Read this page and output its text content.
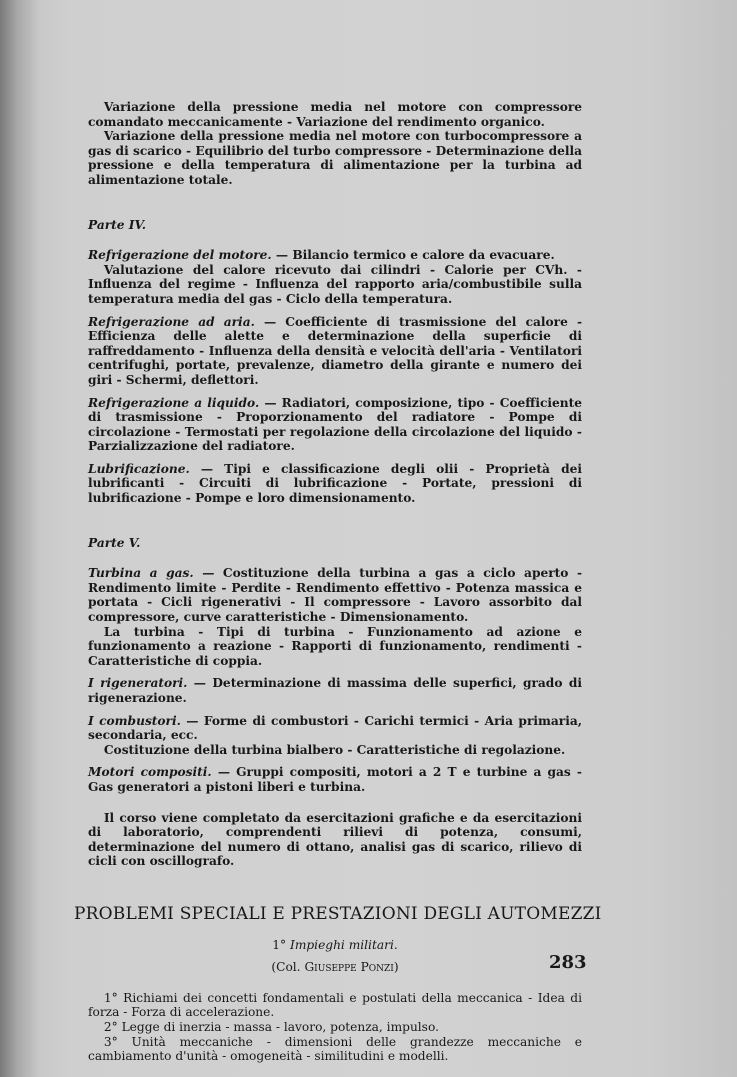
Variazione della pressione media nel motore con compressore comandato meccanicamente - Variazione del rendimento organico.

Variazione della pressione media nel motore con turbocompressore a gas di scarico - Equilibrio del turbo compressore - Determinazione della pressione e della temperatura di alimentazione per la turbina ad alimentazione totale.

Parte IV.

Refrigerazione del motore. — Bilancio termico e calore da evacuare.

Valutazione del calore ricevuto dai cilindri - Calorie per CVh. - Influenza del regime - Influenza del rapporto aria/combustibile sulla temperatura media del gas - Ciclo della temperatura.

Refrigerazione ad aria. — Coefficiente di trasmissione del calore - Efficienza delle alette e determinazione della superficie di raffreddamento - Influenza della densità e velocità dell'aria - Ventilatori centrifughi, portate, prevalenze, diametro della girante e numero dei giri - Schermi, deflettori.

Refrigerazione a liquido. — Radiatori, composizione, tipo - Coefficiente di trasmissione - Proporzionamento del radiatore - Pompe di circolazione - Termostati per regolazione della circolazione del liquido - Parzializzazione del radiatore.

Lubrificazione. — Tipi e classificazione degli olii - Proprietà dei lubrificanti - Circuiti di lubrificazione - Portate, pressioni di lubrificazione - Pompe e loro dimensionamento.

Parte V.

Turbina a gas. — Costituzione della turbina a gas a ciclo aperto - Rendimento limite - Perdite - Rendimento effettivo - Potenza massica e portata - Cicli rigenerativi - Il compressore - Lavoro assorbito dal compressore, curve caratteristiche - Dimensionamento.

La turbina - Tipi di turbina - Funzionamento ad azione e funzionamento a reazione - Rapporti di funzionamento, rendimenti - Caratteristiche di coppia.

I rigeneratori. — Determinazione di massima delle superfici, grado di rigenerazione.

I combustori. — Forme di combustori - Carichi termici - Aria primaria, secondaria, ecc.

Costituzione della turbina bialbero - Caratteristiche di regolazione.

Motori compositi. — Gruppi compositi, motori a 2 T e turbine a gas - Gas generatori a pistoni liberi e turbina.

Il corso viene completato da esercitazioni grafiche e da esercitazioni di laboratorio, comprendenti rilievi di potenza, consumi, determinazione del numero di ottano, analisi gas di scarico, rilievo di cicli con oscillografo.

PROBLEMI SPECIALI E PRESTAZIONI DEGLI AUTOMEZZI

1° Impieghi militari.

(Col. Giuseppe Ponzi)

1° Richiami dei concetti fondamentali e postulati della meccanica - Idea di forza - Forza di accelerazione.

2° Legge di inerzia - massa - lavoro, potenza, impulso.

3° Unità meccaniche - dimensioni delle grandezze meccaniche e cambiamento d'unità - omogeneità - similitudini e modelli.

283
